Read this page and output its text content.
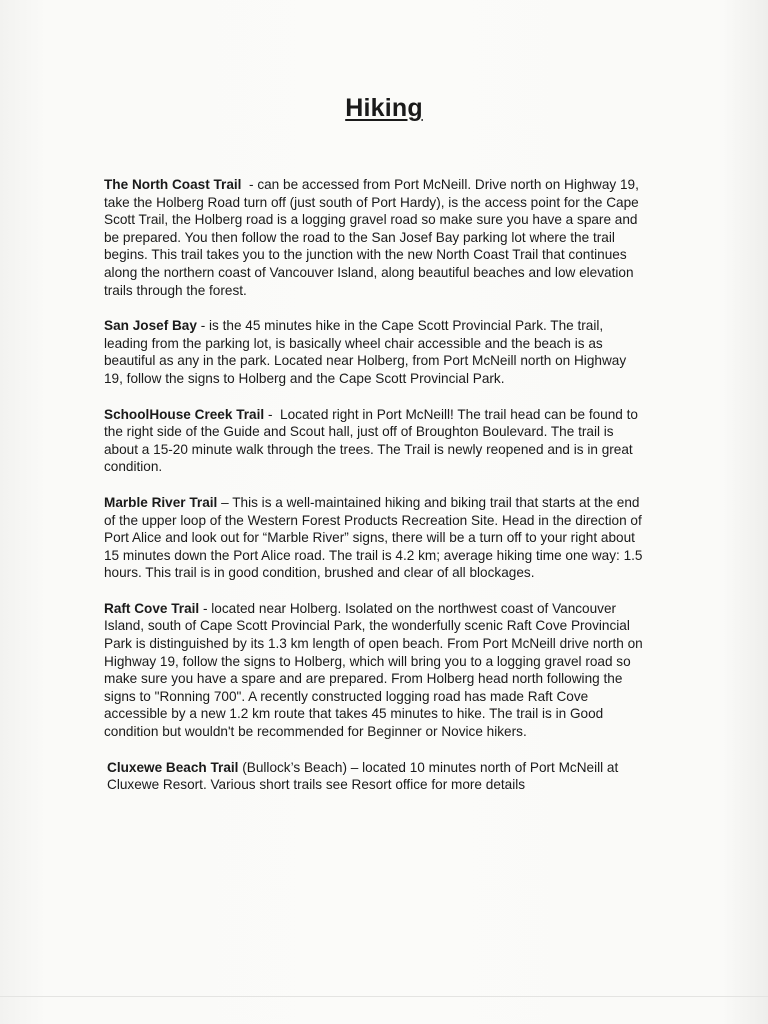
Hiking

The North Coast Trail  - can be accessed from Port McNeill. Drive north on Highway 19, take the Holberg Road turn off (just south of Port Hardy), is the access point for the Cape Scott Trail, the Holberg road is a logging gravel road so make sure you have a spare and be prepared. You then follow the road to the San Josef Bay parking lot where the trail begins. This trail takes you to the junction with the new North Coast Trail that continues along the northern coast of Vancouver Island, along beautiful beaches and low elevation trails through the forest.

San Josef Bay - is the 45 minutes hike in the Cape Scott Provincial Park. The trail, leading from the parking lot, is basically wheel chair accessible and the beach is as beautiful as any in the park. Located near Holberg, from Port McNeill north on Highway 19, follow the signs to Holberg and the Cape Scott Provincial Park.

SchoolHouse Creek Trail -  Located right in Port McNeill! The trail head can be found to the right side of the Guide and Scout hall, just off of Broughton Boulevard. The trail is about a 15-20 minute walk through the trees. The Trail is newly reopened and is in great condition.

Marble River Trail – This is a well-maintained hiking and biking trail that starts at the end of the upper loop of the Western Forest Products Recreation Site. Head in the direction of Port Alice and look out for “Marble River” signs, there will be a turn off to your right about 15 minutes down the Port Alice road. The trail is 4.2 km; average hiking time one way: 1.5 hours. This trail is in good condition, brushed and clear of all blockages.

Raft Cove Trail - located near Holberg. Isolated on the northwest coast of Vancouver Island, south of Cape Scott Provincial Park, the wonderfully scenic Raft Cove Provincial Park is distinguished by its 1.3 km length of open beach. From Port McNeill drive north on Highway 19, follow the signs to Holberg, which will bring you to a logging gravel road so make sure you have a spare and are prepared. From Holberg head north following the signs to "Ronning 700". A recently constructed logging road has made Raft Cove accessible by a new 1.2 km route that takes 45 minutes to hike. The trail is in Good condition but wouldn't be recommended for Beginner or Novice hikers.

Cluxewe Beach Trail (Bullock’s Beach) – located 10 minutes north of Port McNeill at Cluxewe Resort. Various short trails see Resort office for more details
